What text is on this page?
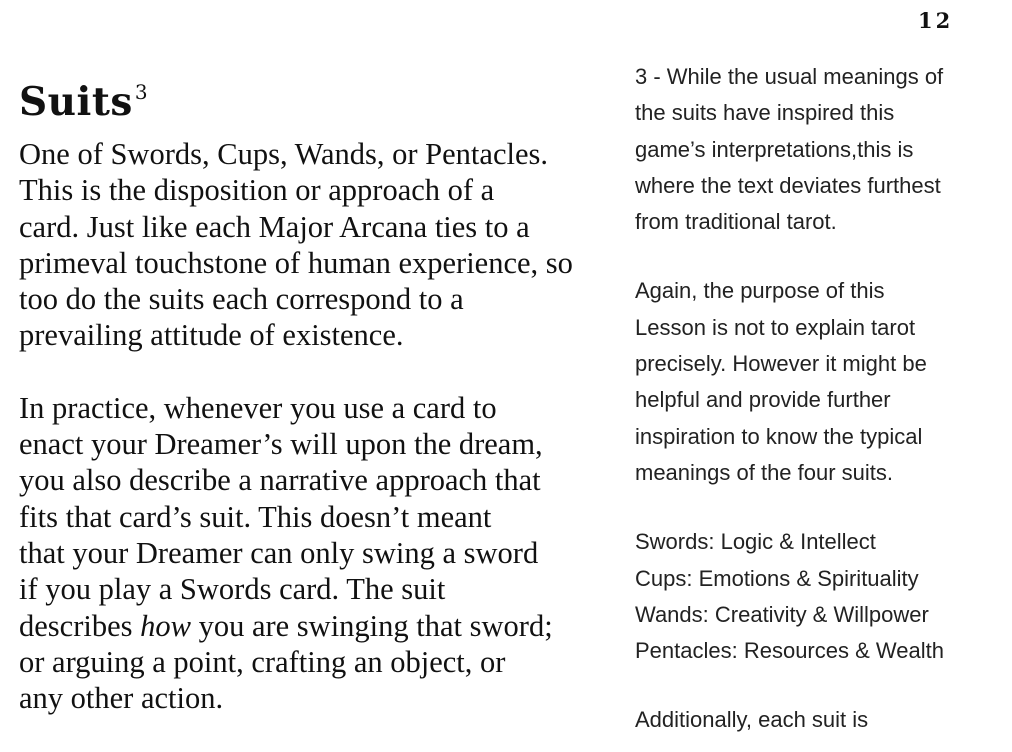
12
Suits $^3$

One of Swords, Cups, Wands, or Pentacles.
This is the disposition or approach of a
card. Just like each Major Arcana ties to a
primeval touchstone of human experience, so
too do the suits each correspond to a
prevailing attitude of existence.

In practice, whenever you use a card to
enact your Dreamer’s will upon the dream,
you also describe a narrative approach that
fits that card’s suit. This doesn’t meant
that your Dreamer can only swing a sword
if you play a Swords card. The suit
describes how you are swinging that sword;
or arguing a point, crafting an object, or
any other action.

3 - While the usual meanings of
the suits have inspired this
game’s interpretations,this is
where the text deviates furthest
from traditional tarot.

Again, the purpose of this
Lesson is not to explain tarot
precisely. However it might be
helpful and provide further
inspiration to know the typical
meanings of the four suits.

Swords: Logic & Intellect
Cups: Emotions & Spirituality
Wands: Creativity & Willpower
Pentacles: Resources & Wealth

Additionally, each suit is
